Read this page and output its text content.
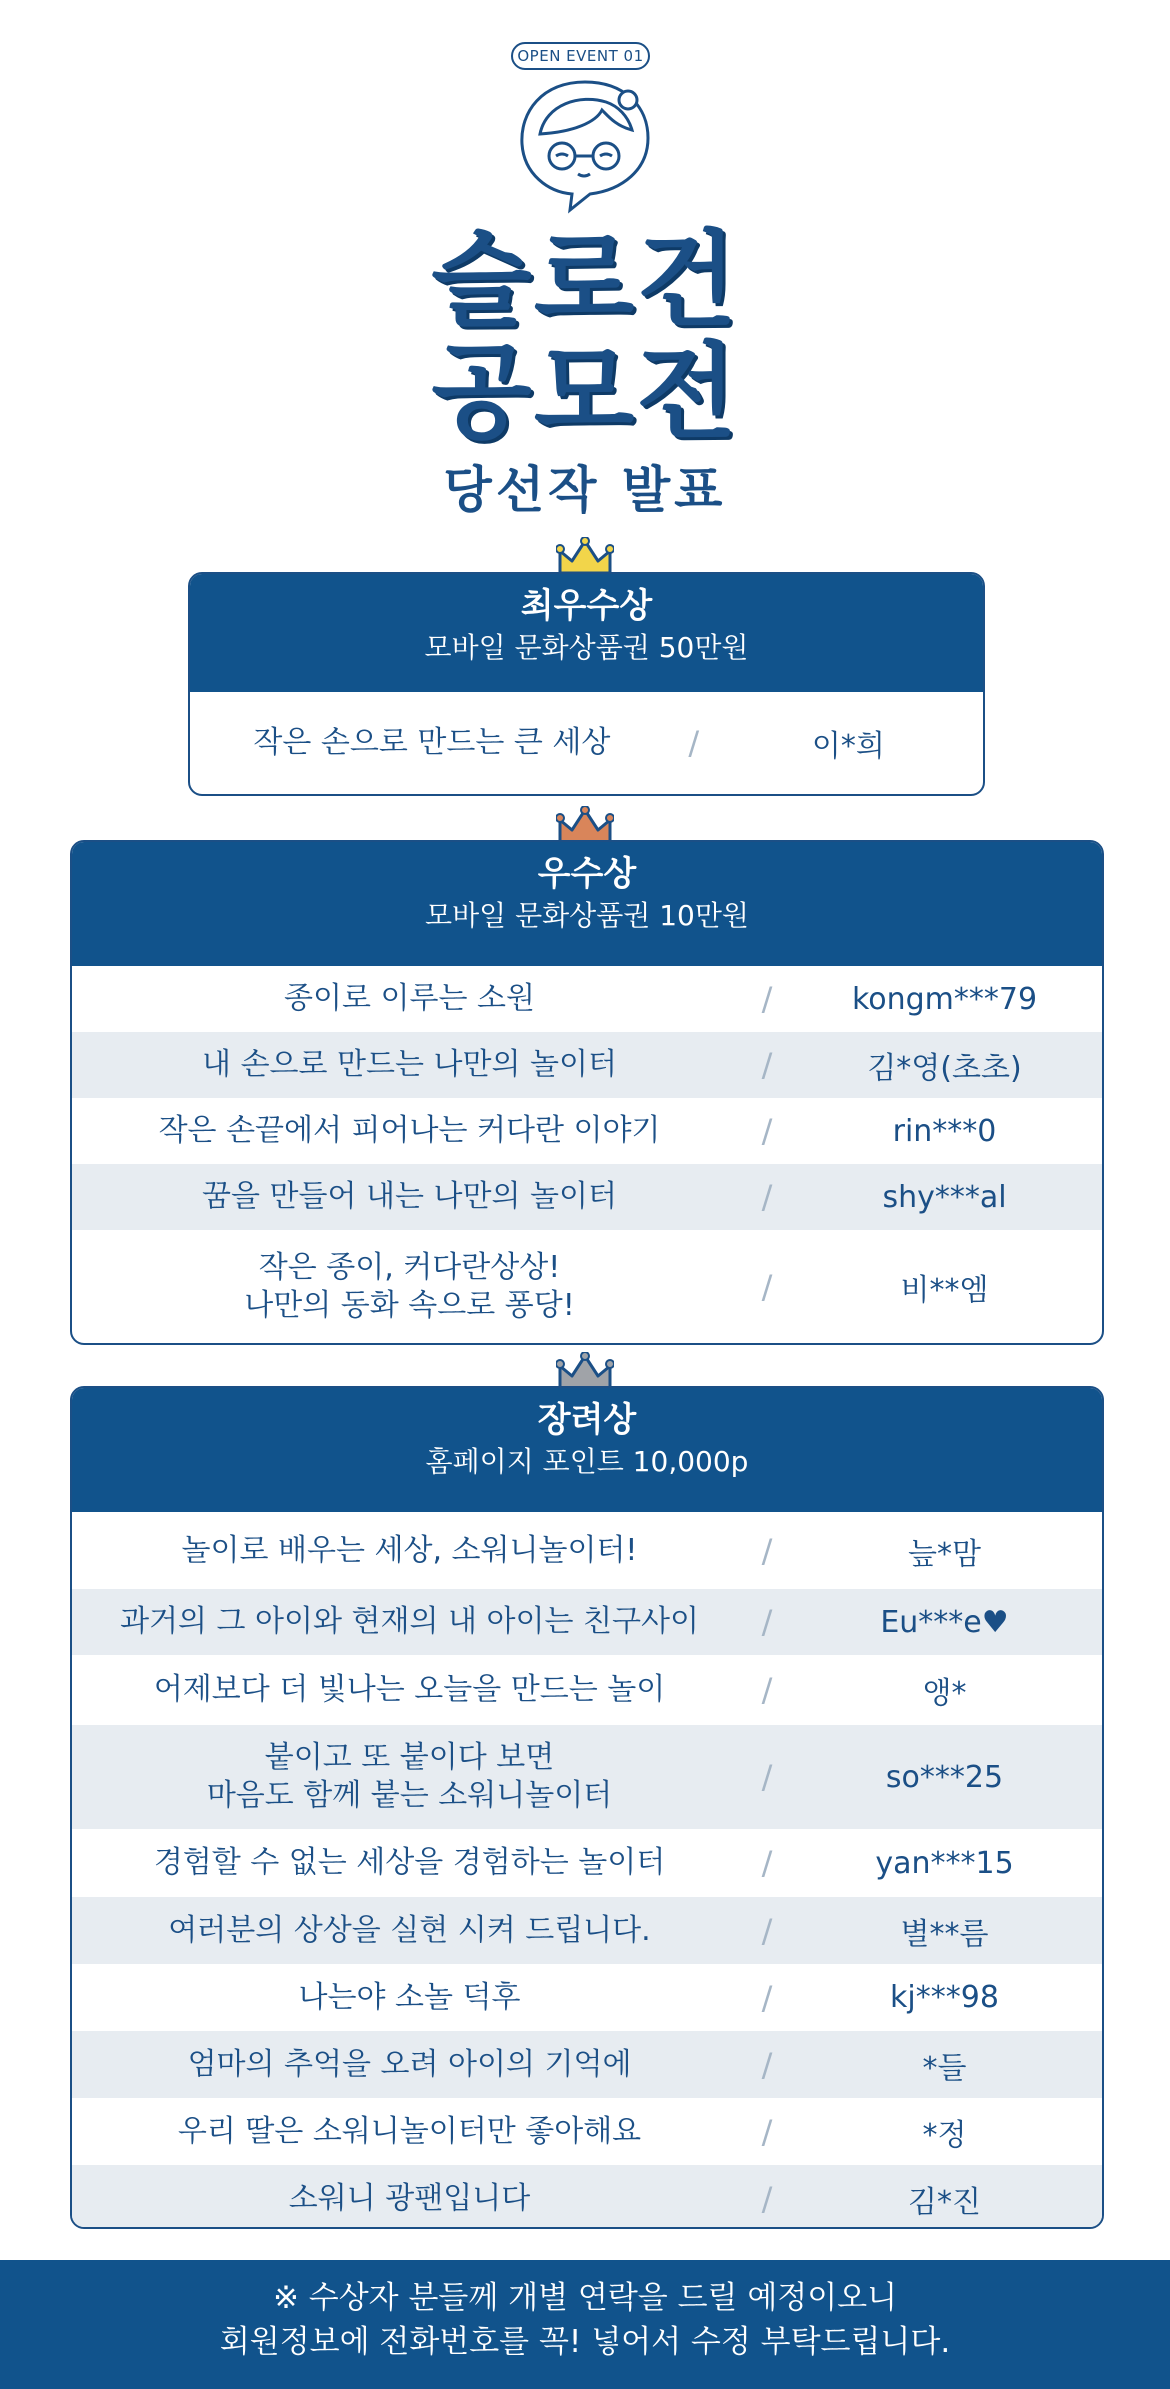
OPEN EVENT 01
슬로건
공모전
당선작 발표
최우수상
모바일 문화상품권 50만원
작은 손으로 만드는 큰 세상	/	이*희
우수상
모바일 문화상품권 10만원
종이로 이루는 소원	/	kongm***79
내 손으로 만드는 나만의 놀이터	/	김*영(초초)
작은 손끝에서 피어나는 커다란 이야기	/	rin***0
꿈을 만들어 내는 나만의 놀이터	/	shy***al
작은 종이, 커다란상상!
나만의 동화 속으로 퐁당!	/	비**엠
장려상
홈페이지 포인트 10,000p
놀이로 배우는 세상, 소워니놀이터!	/	늪*맘
과거의 그 아이와 현재의 내 아이는 친구사이	/	Eu***e♥
어제보다 더 빛나는 오늘을 만드는 놀이	/	앵*
붙이고 또 붙이다 보면
마음도 함께 붙는 소워니놀이터	/	so***25
경험할 수 없는 세상을 경험하는 놀이터	/	yan***15
여러분의 상상을 실현 시켜 드립니다.	/	별**름
나는야 소놀 덕후	/	kj***98
엄마의 추억을 오려 아이의 기억에	/	*들
우리 딸은 소워니놀이터만 좋아해요	/	*정
소워니 광팬입니다	/	김*진
※ 수상자 분들께 개별 연락을 드릴 예정이오니
회원정보에 전화번호를 꼭! 넣어서 수정 부탁드립니다.
